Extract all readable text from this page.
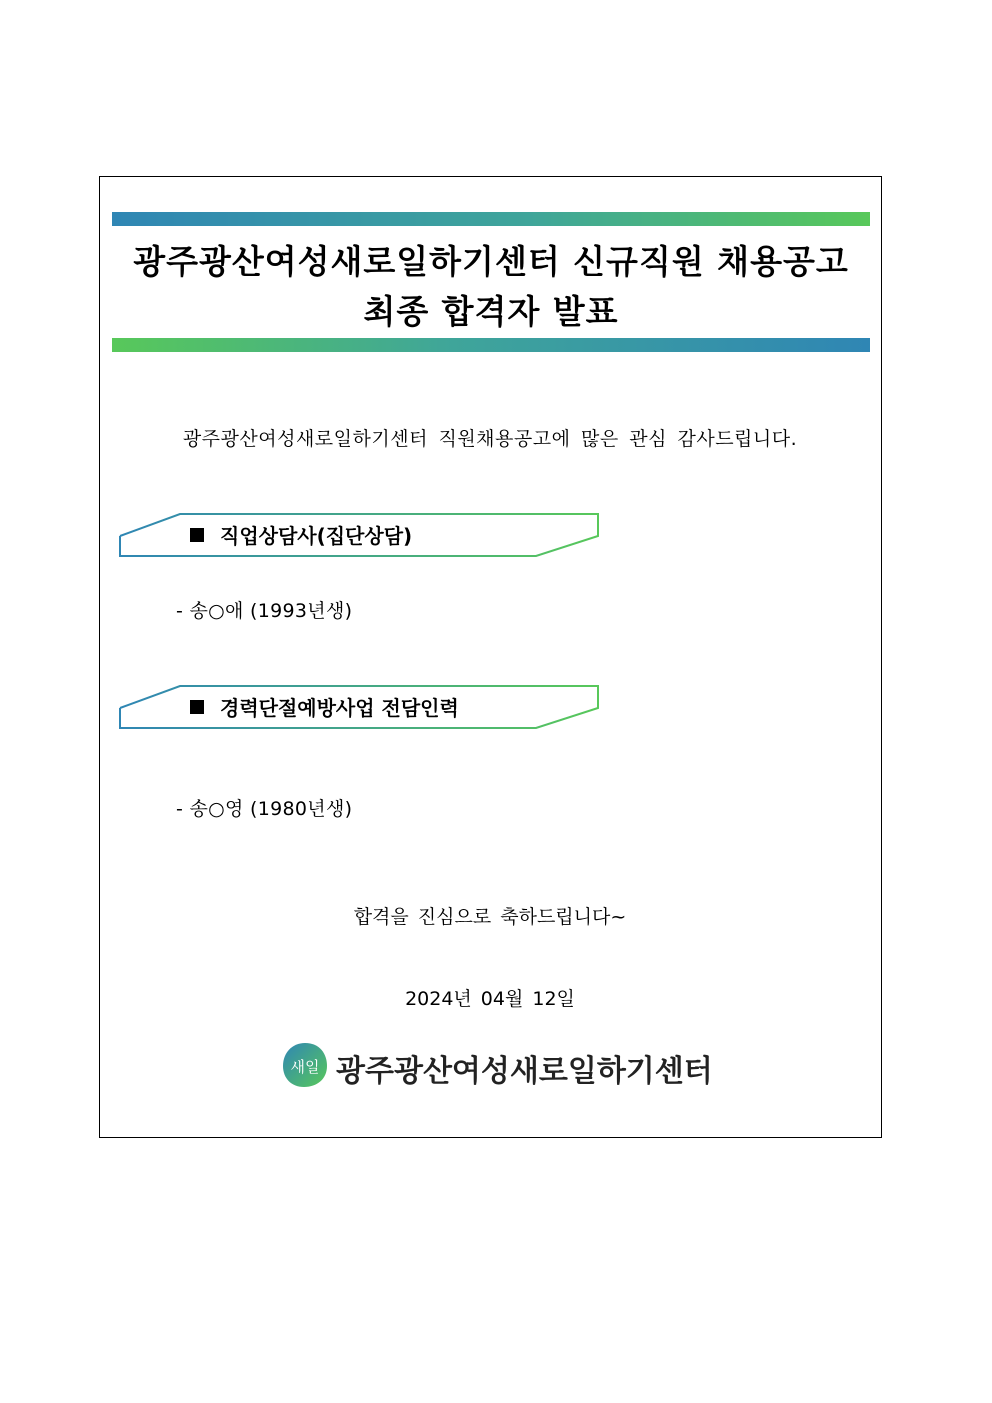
광주광산여성새로일하기센터 신규직원 채용공고
최종 합격자 발표
광주광산여성새로일하기센터 직원채용공고에 많은 관심 감사드립니다.
직업상담사(집단상담)
- 송○애 (1993년생)
경력단절예방사업 전담인력
- 송○영 (1980년생)
합격을 진심으로 축하드립니다~
2024년 04월 12일
새일 광주광산여성새로일하기센터
